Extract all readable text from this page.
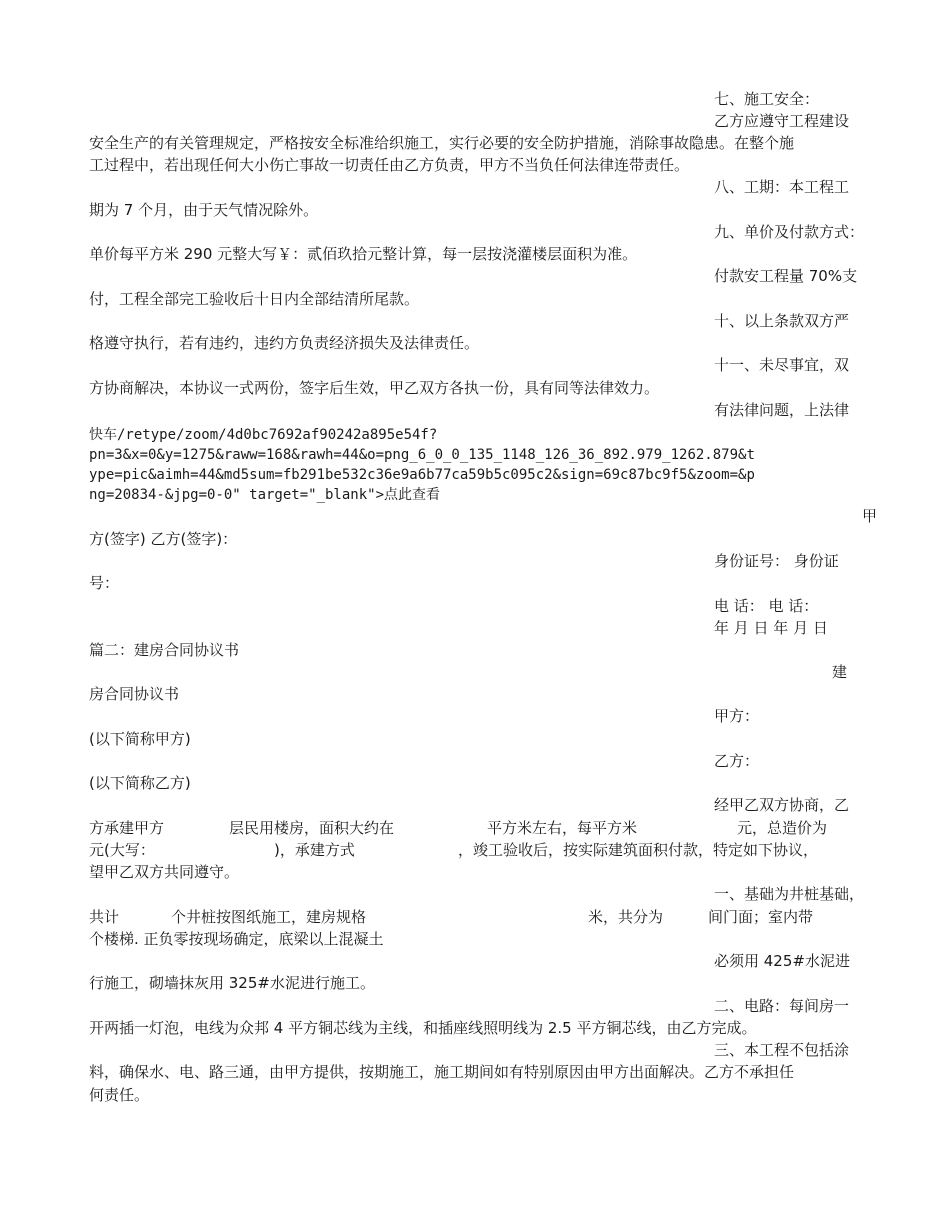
七、施工安全：
乙方应遵守工程建设
安全生产的有关管理规定，严格按安全标准给织施工，实行必要的安全防护措施，消除事故隐患。在整个施
工过程中，若出现任何大小伤亡事故一切责任由乙方负责，甲方不当负任何法律连带责任。
八、工期：本工程工
期为 7 个月，由于天气情况除外。
九、单价及付款方式：
单价每平方米 290 元整大写￥：贰佰玖拾元整计算，每一层按浇灌楼层面积为准。
付款安工程量 70%支
付，工程全部完工验收后十日内全部结清所尾款。
十、以上条款双方严
格遵守执行，若有违约，违约方负责经济损失及法律责任。
十一、未尽事宜，双
方协商解决，本协议一式两份，签字后生效，甲乙双方各执一份，具有同等法律效力。
有法律问题，上法律
快车/retype/zoom/4d0bc7692af90242a895e54f?
pn=3&x=0&y=1275&raww=168&rawh=44&o=png_6_0_0_135_1148_126_36_892.979_1262.879&t
ype=pic&aimh=44&md5sum=fb291be532c36e9a6b77ca59b5c095c2&sign=69c87bc9f5&zoom=&p
ng=20834-&jpg=0-0" target="_blank">点此查看
甲
方(签字) 乙方(签字)：
身份证号： 身份证
号：
电 话： 电 话：
年 月 日 年 月 日
篇二：建房合同协议书
建
房合同协议书
甲方：
(以下简称甲方)
乙方：
(以下简称乙方)
经甲乙双方协商，乙
方承建甲方	层民用楼房，面积大约在	平方米左右，每平方米	元，总造价为
元(大写：	)，承建方式	，竣工验收后，按实际建筑面积付款，特定如下协议，
望甲乙双方共同遵守。
一、基础为井桩基础，
共计	个井桩按图纸施工，建房规格	米，共分为	间门面；室内带
个楼梯. 正负零按现场确定，底梁以上混凝土
必须用 425#水泥进
行施工，砌墙抹灰用 325#水泥进行施工。
二、电路：每间房一
开两插一灯泡，电线为众邦 4 平方铜芯线为主线，和插座线照明线为 2.5 平方铜芯线，由乙方完成。
三、本工程不包括涂
料，确保水、电、路三通，由甲方提供，按期施工，施工期间如有特别原因由甲方出面解决。乙方不承担任
何责任。
